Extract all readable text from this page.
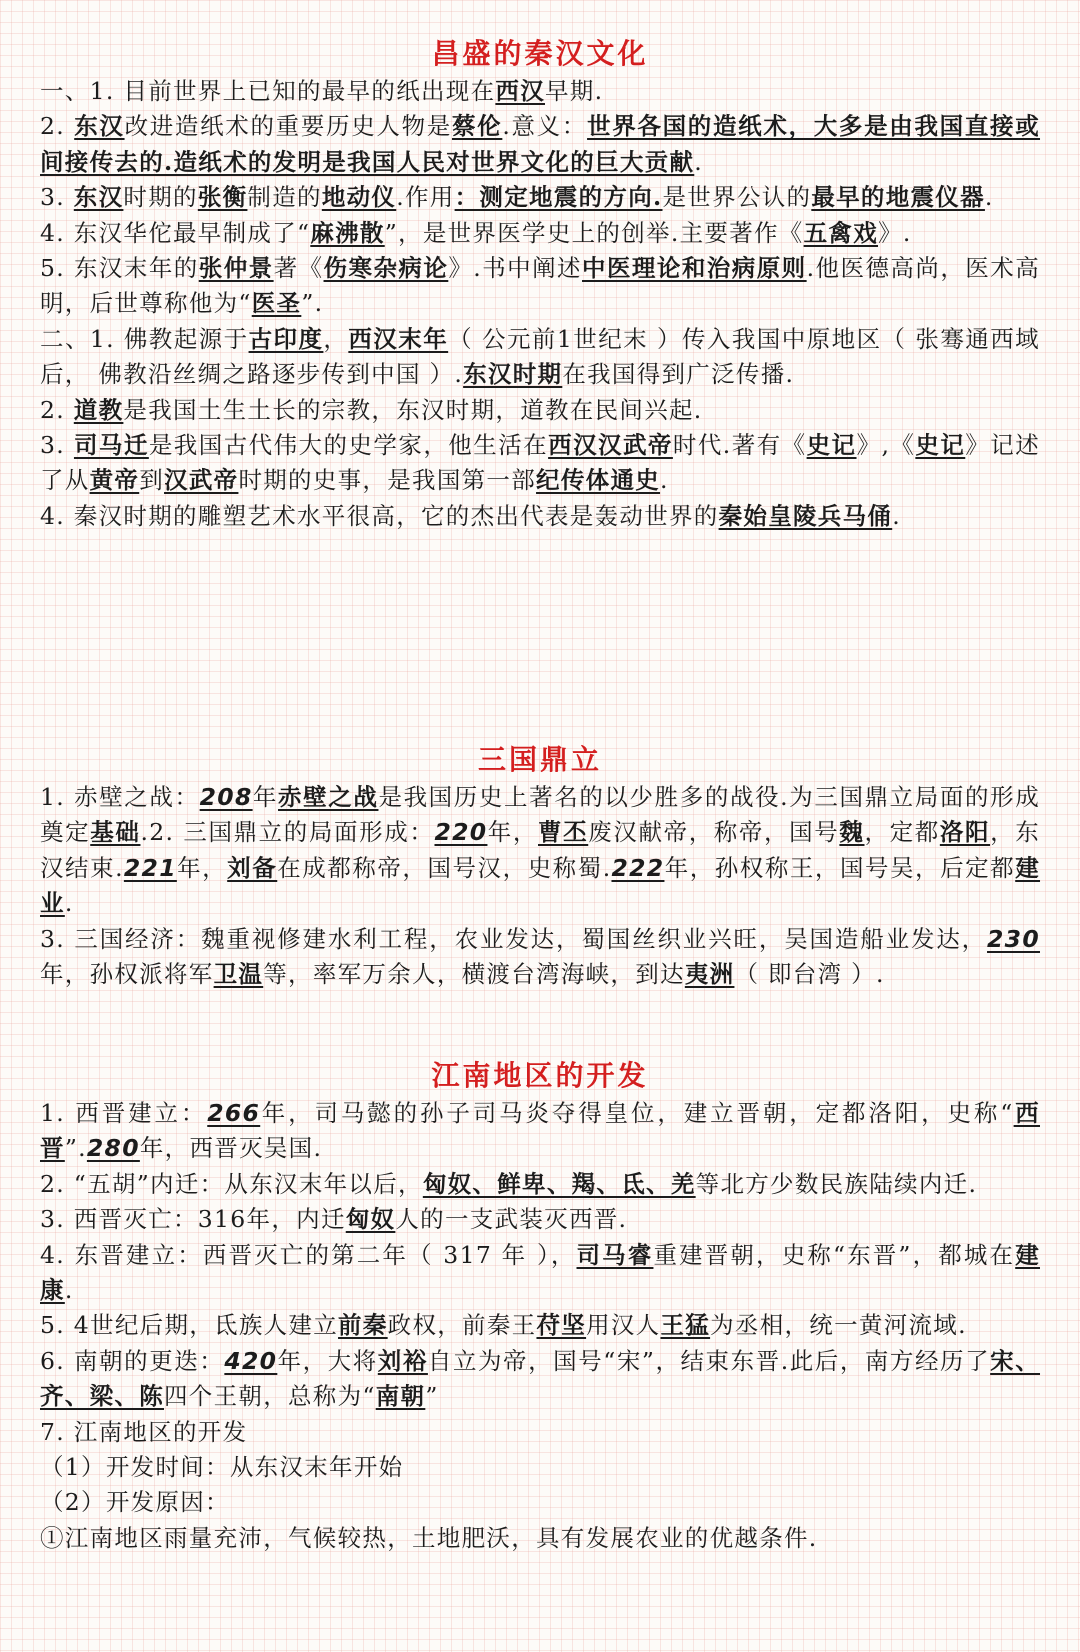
昌盛的秦汉文化

一、1. 目前世界上已知的最早的纸出现在西汉早期.

2. 东汉改进造纸术的重要历史人物是蔡伦.意义：世界各国的造纸术，大多是由我国直接或间接传去的.造纸术的发明是我国人民对世界文化的巨大贡献.

3. 东汉时期的张衡制造的地动仪.作用：测定地震的方向.是世界公认的最早的地震仪器.

4. 东汉华佗最早制成了“麻沸散”，是世界医学史上的创举.主要著作《五禽戏》.

5. 东汉末年的张仲景著《伤寒杂病论》.书中阐述中医理论和治病原则.他医德高尚，医术高明，后世尊称他为“医圣”.

二、1. 佛教起源于古印度，西汉末年（ 公元前1世纪末 ）传入我国中原地区（ 张骞通西域后， 佛教沿丝绸之路逐步传到中国 ）.东汉时期在我国得到广泛传播.

2. 道教是我国土生土长的宗教，东汉时期，道教在民间兴起.

3. 司马迁是我国古代伟大的史学家，他生活在西汉汉武帝时代.著有《史记》,《史记》记述了从黄帝到汉武帝时期的史事，是我国第一部纪传体通史.

4. 秦汉时期的雕塑艺术水平很高，它的杰出代表是轰动世界的秦始皇陵兵马俑.

三国鼎立

1. 赤壁之战：208年赤壁之战是我国历史上著名的以少胜多的战役.为三国鼎立局面的形成奠定基础.2. 三国鼎立的局面形成：220年，曹丕废汉献帝，称帝，国号魏，定都洛阳，东汉结束.221年，刘备在成都称帝，国号汉，史称蜀.222年，孙权称王，国号吴，后定都建业.

3. 三国经济：魏重视修建水利工程，农业发达，蜀国丝织业兴旺，吴国造船业发达，230年，孙权派将军卫温等，率军万余人，横渡台湾海峡，到达夷洲（ 即台湾 ）.

江南地区的开发

1. 西晋建立：266年，司马懿的孙子司马炎夺得皇位，建立晋朝，定都洛阳，史称“西晋”.280年，西晋灭吴国.

2. “五胡”内迁：从东汉末年以后，匈奴、鲜卑、羯、氐、羌等北方少数民族陆续内迁.

3. 西晋灭亡：316年，内迁匈奴人的一支武装灭西晋.

4. 东晋建立：西晋灭亡的第二年（ 317 年 ），司马睿重建晋朝，史称“东晋”，都城在建康.

5. 4世纪后期，氐族人建立前秦政权，前秦王苻坚用汉人王猛为丞相，统一黄河流域.

6. 南朝的更迭：420年，大将刘裕自立为帝，国号“宋”，结束东晋.此后，南方经历了宋、齐、梁、陈四个王朝，总称为“南朝”

7. 江南地区的开发

（1）开发时间：从东汉末年开始

（2）开发原因：

①江南地区雨量充沛，气候较热，土地肥沃，具有发展农业的优越条件.
